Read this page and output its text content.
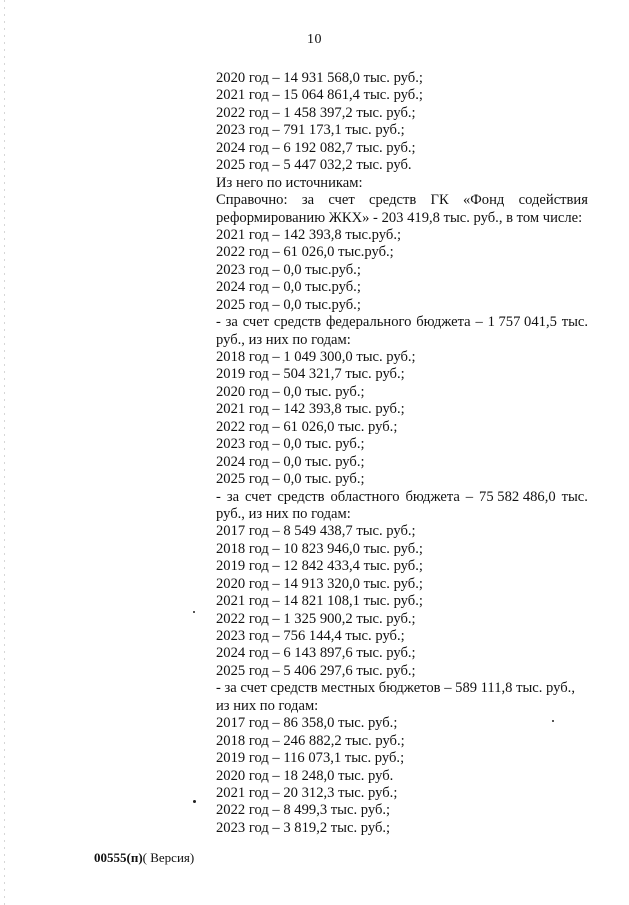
10
2020 год – 14 931 568,0 тыс. руб.;
2021 год – 15 064 861,4 тыс. руб.;
2022 год – 1 458 397,2 тыс. руб.;
2023 год – 791 173,1 тыс. руб.;
2024 год – 6 192 082,7 тыс. руб.;
2025 год – 5 447 032,2 тыс. руб.
Из него по источникам:
Справочно: за счет средств ГК «Фонд содействия
реформированию ЖКХ» - 203 419,8 тыс. руб., в том числе:
2021 год – 142 393,8 тыс.руб.;
2022 год – 61 026,0 тыс.руб.;
2023 год – 0,0 тыс.руб.;
2024 год – 0,0 тыс.руб.;
2025 год – 0,0 тыс.руб.;
- за счет средств федерального бюджета – 1 757 041,5 тыс.
руб., из них по годам:
2018 год – 1 049 300,0 тыс. руб.;
2019 год – 504 321,7 тыс. руб.;
2020 год – 0,0 тыс. руб.;
2021 год – 142 393,8 тыс. руб.;
2022 год – 61 026,0 тыс. руб.;
2023 год – 0,0 тыс. руб.;
2024 год – 0,0 тыс. руб.;
2025 год – 0,0 тыс. руб.;
- за счет средств областного бюджета – 75 582 486,0 тыс.
руб., из них по годам:
2017 год – 8 549 438,7 тыс. руб.;
2018 год – 10 823 946,0 тыс. руб.;
2019 год – 12 842 433,4 тыс. руб.;
2020 год – 14 913 320,0 тыс. руб.;
2021 год – 14 821 108,1 тыс. руб.;
2022 год – 1 325 900,2 тыс. руб.;
2023 год – 756 144,4 тыс. руб.;
2024 год – 6 143 897,6 тыс. руб.;
2025 год – 5 406 297,6 тыс. руб.;
- за счет средств местных бюджетов – 589 111,8 тыс. руб.,
из них по годам:
2017 год – 86 358,0 тыс. руб.;
2018 год – 246 882,2 тыс. руб.;
2019 год – 116 073,1 тыс. руб.;
2020 год – 18 248,0 тыс. руб.
2021 год – 20 312,3 тыс. руб.;
2022 год – 8 499,3 тыс. руб.;
2023 год – 3 819,2 тыс. руб.;
00555(п)( Версия)
